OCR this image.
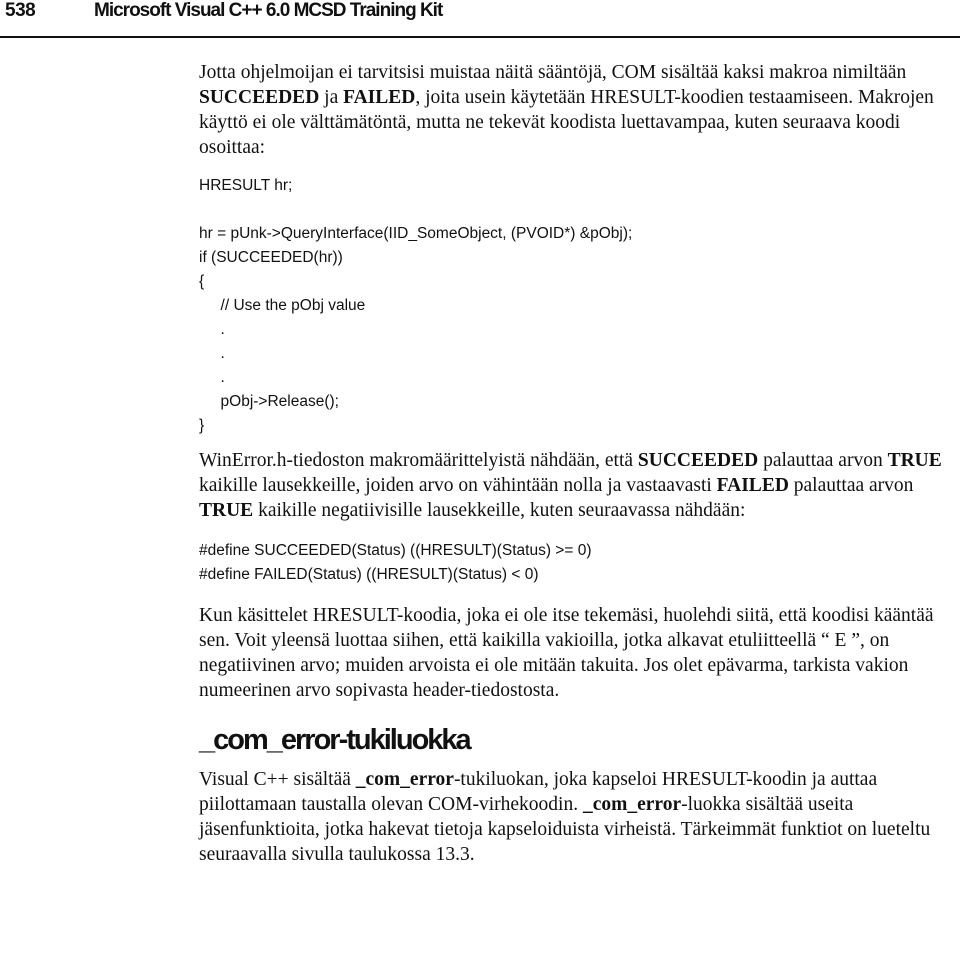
538	Microsoft Visual C++ 6.0 MCSD Training Kit

Jotta ohjelmoijan ei tarvitsisi muistaa näitä sääntöjä, COM sisältää kaksi makroa nimiltään SUCCEEDED ja FAILED, joita usein käytetään HRESULT-koodien testaamiseen. Makrojen käyttö ei ole välttämätöntä, mutta ne tekevät koodista luettavampaa, kuten seuraava koodi osoittaa:

HRESULT hr;
hr = pUnk->QueryInterface(IID_SomeObject, (PVOID*) &pObj);
if (SUCCEEDED(hr))
{
// Use the pObj value
.
.
.
pObj->Release();
}

WinError.h-tiedoston makromäärittelyistä nähdään, että SUCCEEDED palauttaa arvon TRUE kaikille lausekkeille, joiden arvo on vähintään nolla ja vastaavasti FAILED palauttaa arvon TRUE kaikille negatiivisille lausekkeille, kuten seuraavassa nähdään:

#define SUCCEEDED(Status) ((HRESULT)(Status) >= 0)
#define FAILED(Status) ((HRESULT)(Status) < 0)

Kun käsittelet HRESULT-koodia, joka ei ole itse tekemäsi, huolehdi siitä, että koodisi kääntää sen. Voit yleensä luottaa siihen, että kaikilla vakioilla, jotka alkavat etuliitteellä “ E ”, on negatiivinen arvo; muiden arvoista ei ole mitään takuita. Jos olet epävarma, tarkista vakion numeerinen arvo sopivasta header-tiedostosta.

_com_error-tukiluokka

Visual C++ sisältää _com_error-tukiluokan, joka kapseloi HRESULT-koodin ja auttaa piilottamaan taustalla olevan COM-virhekoodin. _com_error-luokka sisältää useita jäsenfunktioita, jotka hakevat tietoja kapseloiduista virheistä. Tärkeimmät funktiot on lueteltu seuraavalla sivulla taulukossa 13.3.
